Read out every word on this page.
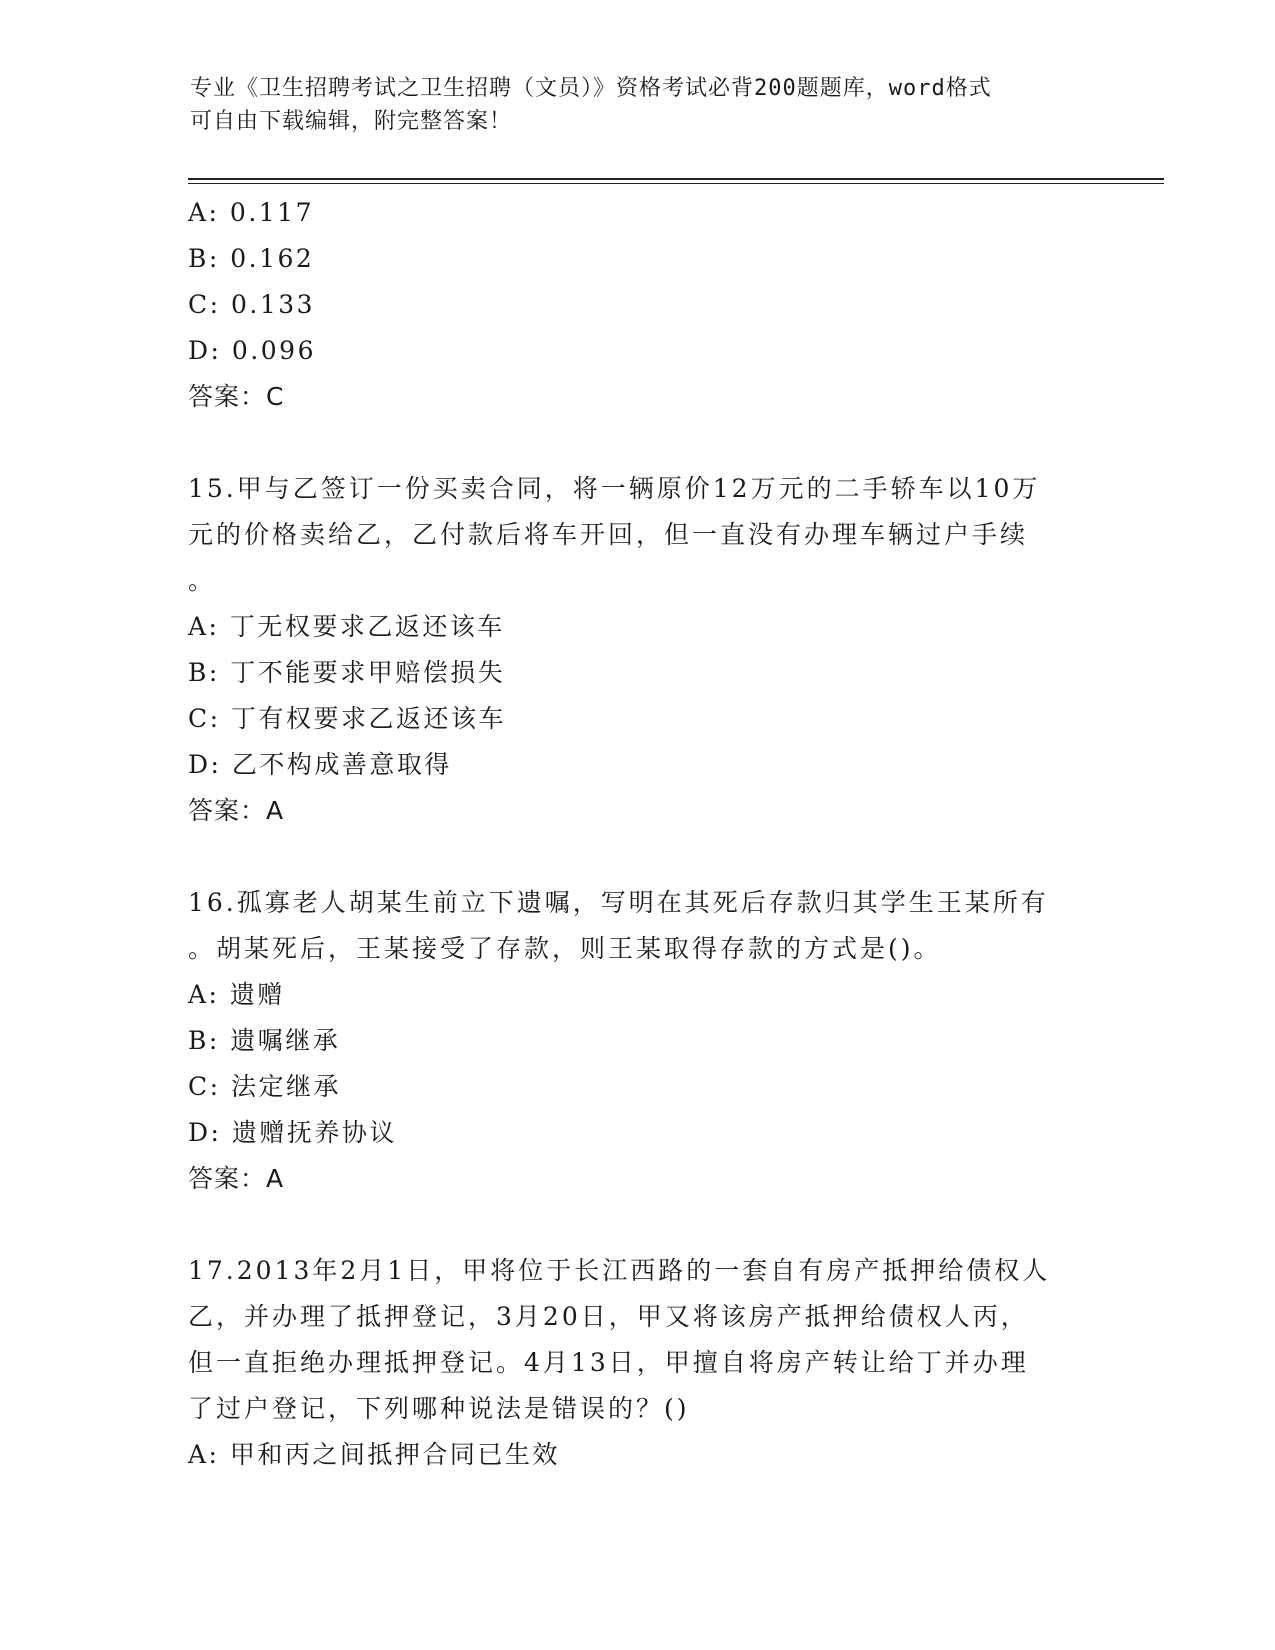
专业《卫生招聘考试之卫生招聘（文员）》资格考试必背200题题库，word格式
可自由下载编辑，附完整答案！
A: 0.117
B: 0.162
C: 0.133
D: 0.096
答案：C
15.甲与乙签订一份买卖合同，将一辆原价12万元的二手轿车以10万
元的价格卖给乙，乙付款后将车开回，但一直没有办理车辆过户手续
。
A: 丁无权要求乙返还该车
B: 丁不能要求甲赔偿损失
C: 丁有权要求乙返还该车
D: 乙不构成善意取得
答案：A
16.孤寡老人胡某生前立下遗嘱，写明在其死后存款归其学生王某所有
。胡某死后，王某接受了存款，则王某取得存款的方式是()。
A: 遗赠
B: 遗嘱继承
C: 法定继承
D: 遗赠抚养协议
答案：A
17.2013年2月1日，甲将位于长江西路的一套自有房产抵押给债权人
乙，并办理了抵押登记，3月20日，甲又将该房产抵押给债权人丙，
但一直拒绝办理抵押登记。4月13日，甲擅自将房产转让给丁并办理
了过户登记，下列哪种说法是错误的？()
A: 甲和丙之间抵押合同已生效
